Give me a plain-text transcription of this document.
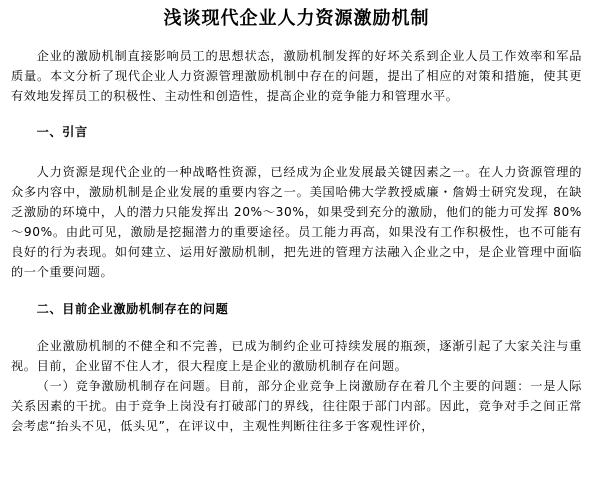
浅谈现代企业人力资源激励机制

企业的激励机制直接影响员工的思想状态，激励机制发挥的好坏关系到企业人员工作效率和军品质量。本文分析了现代企业人力资源管理激励机制中存在的问题，提出了相应的对策和措施，使其更有效地发挥员工的积极性、主动性和创造性，提高企业的竞争能力和管理水平。

一、引言

人力资源是现代企业的一种战略性资源，已经成为企业发展最关键因素之一。在人力资源管理的众多内容中，激励机制是企业发展的重要内容之一。美国哈佛大学教授威廉・詹姆士研究发现，在缺乏激励的环境中，人的潜力只能发挥出 20%～30%，如果受到充分的激励，他们的能力可发挥 80%～90%。由此可见，激励是挖掘潜力的重要途径。员工能力再高，如果没有工作积极性，也不可能有良好的行为表现。如何建立、运用好激励机制，把先进的管理方法融入企业之中，是企业管理中面临的一个重要问题。

二、目前企业激励机制存在的问题

企业激励机制的不健全和不完善，已成为制约企业可持续发展的瓶颈，逐渐引起了大家关注与重视。目前，企业留不住人才，很大程度上是企业的激励机制存在问题。

（一）竞争激励机制存在问题。目前，部分企业竞争上岗激励存在着几个主要的问题：一是人际关系因素的干扰。由于竞争上岗没有打破部门的界线，往往限于部门内部。因此，竞争对手之间正常会考虑“抬头不见，低头见”，在评议中，主观性判断往往多于客观性评价，
